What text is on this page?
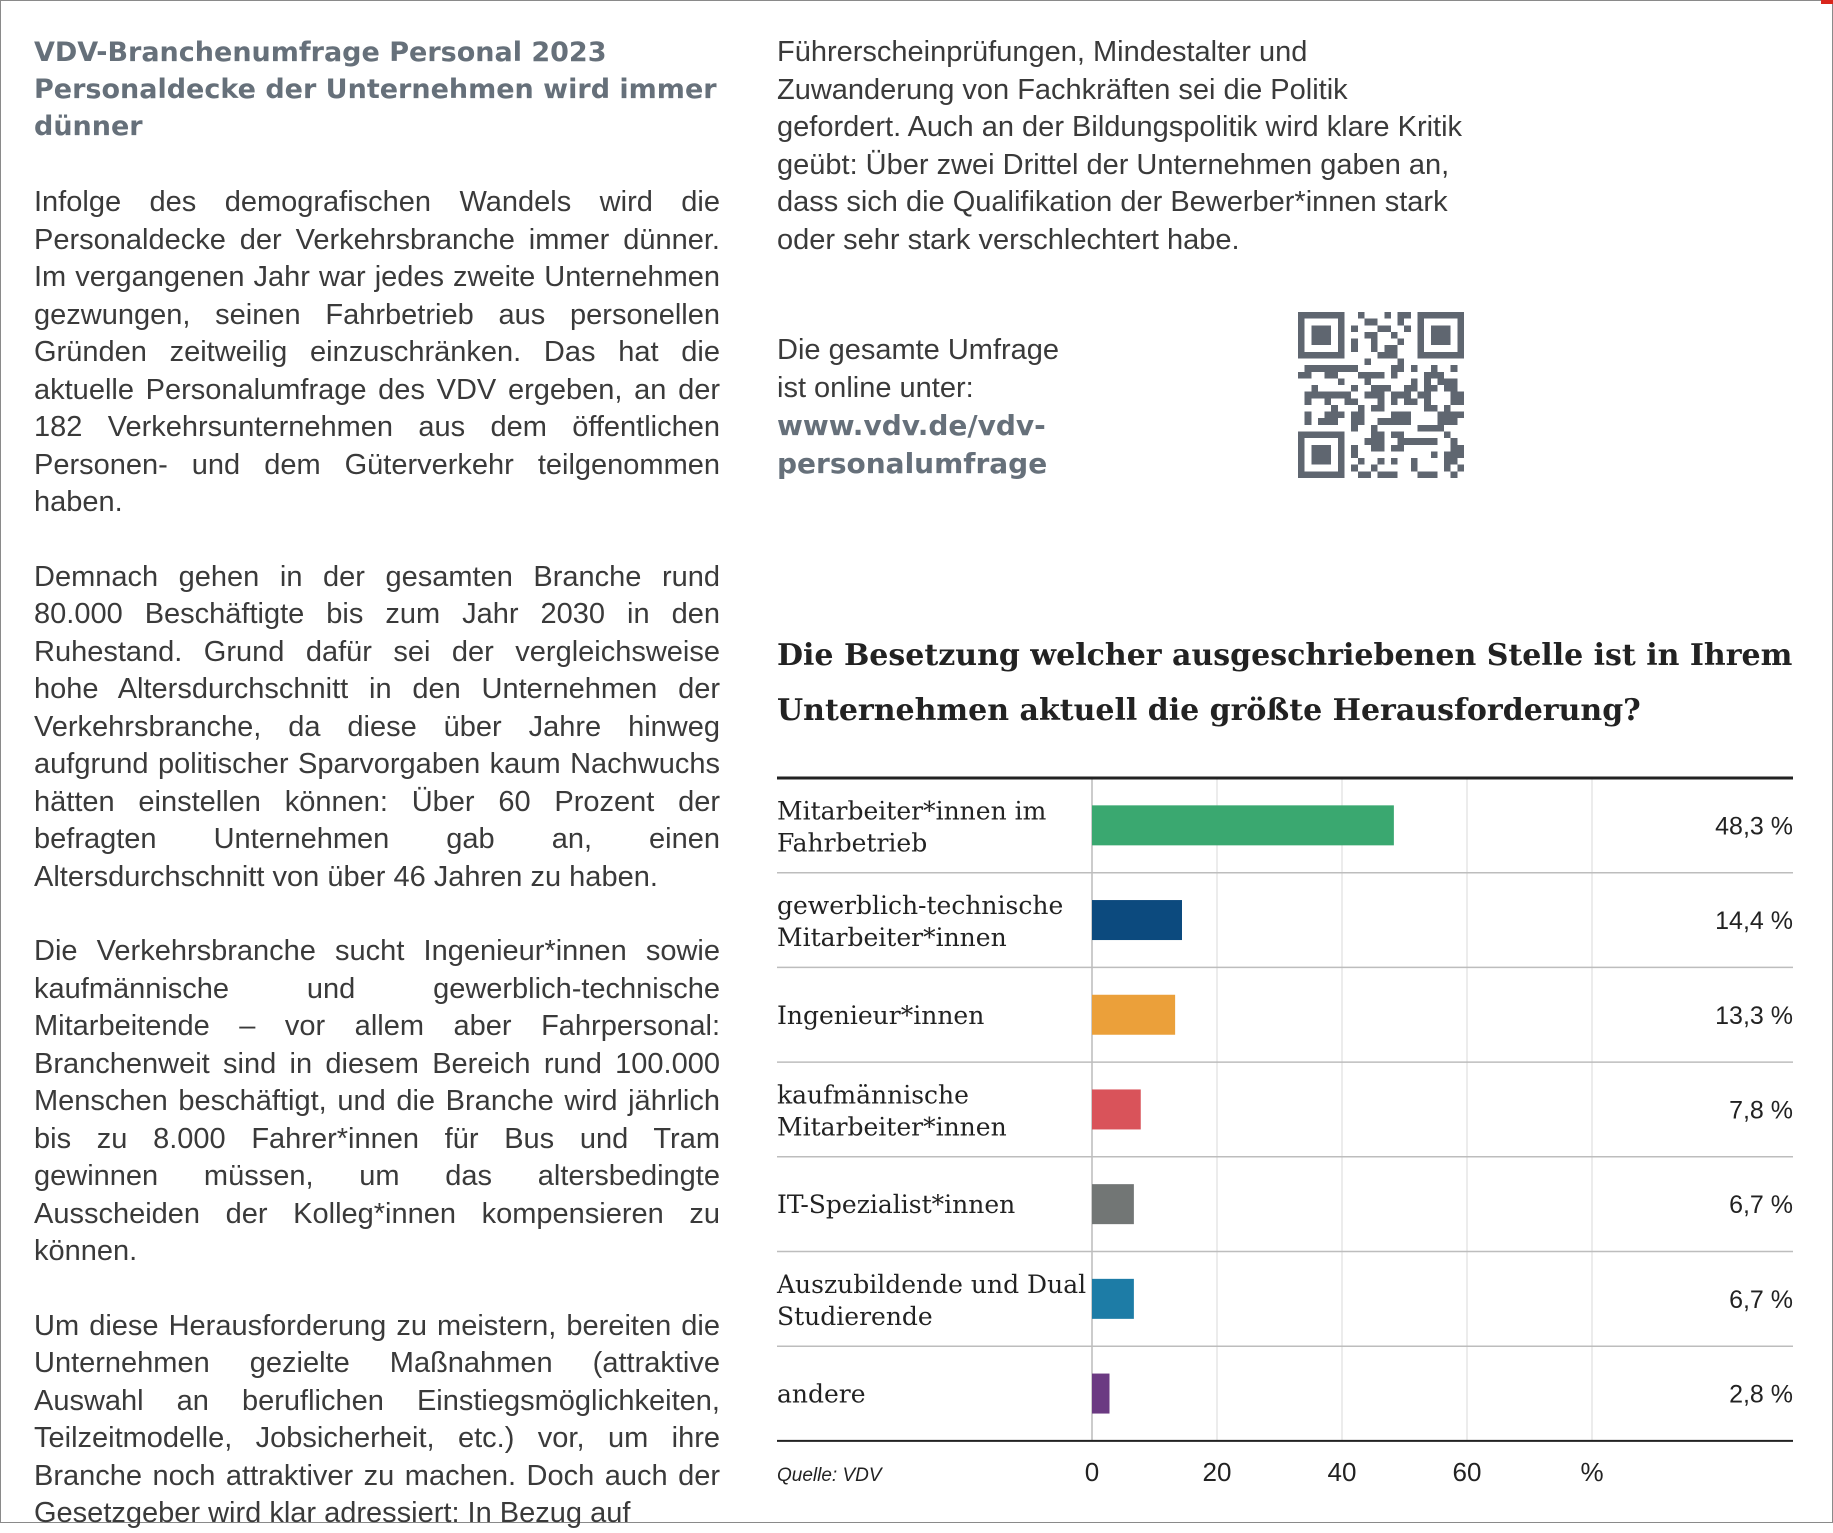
VDV-Branchenumfrage Personal 2023
Personaldecke der Unternehmen wird immer dünner

Infolge des demografischen Wandels wird die Personaldecke der Verkehrsbranche immer dünner. Im vergangenen Jahr war jedes zweite Unternehmen gezwungen, seinen Fahrbetrieb aus personellen Gründen zeitweilig einzuschränken. Das hat die aktuelle Personalumfrage des VDV ergeben, an der 182 Verkehrsunternehmen aus dem öffentlichen Personen- und dem Güterverkehr teilgenommen haben.

Demnach gehen in der gesamten Branche rund 80.000 Beschäftigte bis zum Jahr 2030 in den Ruhestand. Grund dafür sei der vergleichsweise hohe Altersdurchschnitt in den Unternehmen der Verkehrsbranche, da diese über Jahre hinweg aufgrund politischer Sparvorgaben kaum Nachwuchs hätten einstellen können: Über 60 Prozent der befragten Unternehmen gab an, einen Altersdurchschnitt von über 46 Jahren zu haben.

Die Verkehrsbranche sucht Ingenieur*innen sowie kaufmännische und gewerblich-technische Mitarbeitende – vor allem aber Fahrpersonal: Branchenweit sind in diesem Bereich rund 100.000 Menschen beschäftigt, und die Branche wird jährlich bis zu 8.000 Fahrer*innen für Bus und Tram gewinnen müssen, um das altersbedingte Ausscheiden der Kolleg*innen kompensieren zu können.

Um diese Herausforderung zu meistern, bereiten die Unternehmen gezielte Maßnahmen (attraktive Auswahl an beruflichen Einstiegsmöglichkeiten, Teilzeitmodelle, Jobsicherheit, etc.) vor, um ihre Branche noch attraktiver zu machen. Doch auch der Gesetzgeber wird klar adressiert: In Bezug auf

Führerscheinprüfungen, Mindestalter und Zuwanderung von Fachkräften sei die Politik gefordert. Auch an der Bildungspolitik wird klare Kritik geübt: Über zwei Drittel der Unternehmen gaben an, dass sich die Qualifikation der Bewerber*innen stark oder sehr stark verschlechtert habe.

Die gesamte Umfrage ist online unter:
www.vdv.de/vdv-personalumfrage
Die Besetzung welcher ausgeschriebenen Stelle ist in Ihrem Unternehmen aktuell die größte Herausforderung?
Mitarbeiter*innen im Fahrbetrieb
48,3 %
gewerblich-technische Mitarbeiter*innen
14,4 %
Ingenieur*innen	13,3 %
kaufmännische Mitarbeiter*innen
7,8 %
IT-Spezialist*innen	6,7 %
Auszubildende und Dual Studierende
6,7 %
andere	2,8 %
0	20	40	60	%
Quelle: VDV
